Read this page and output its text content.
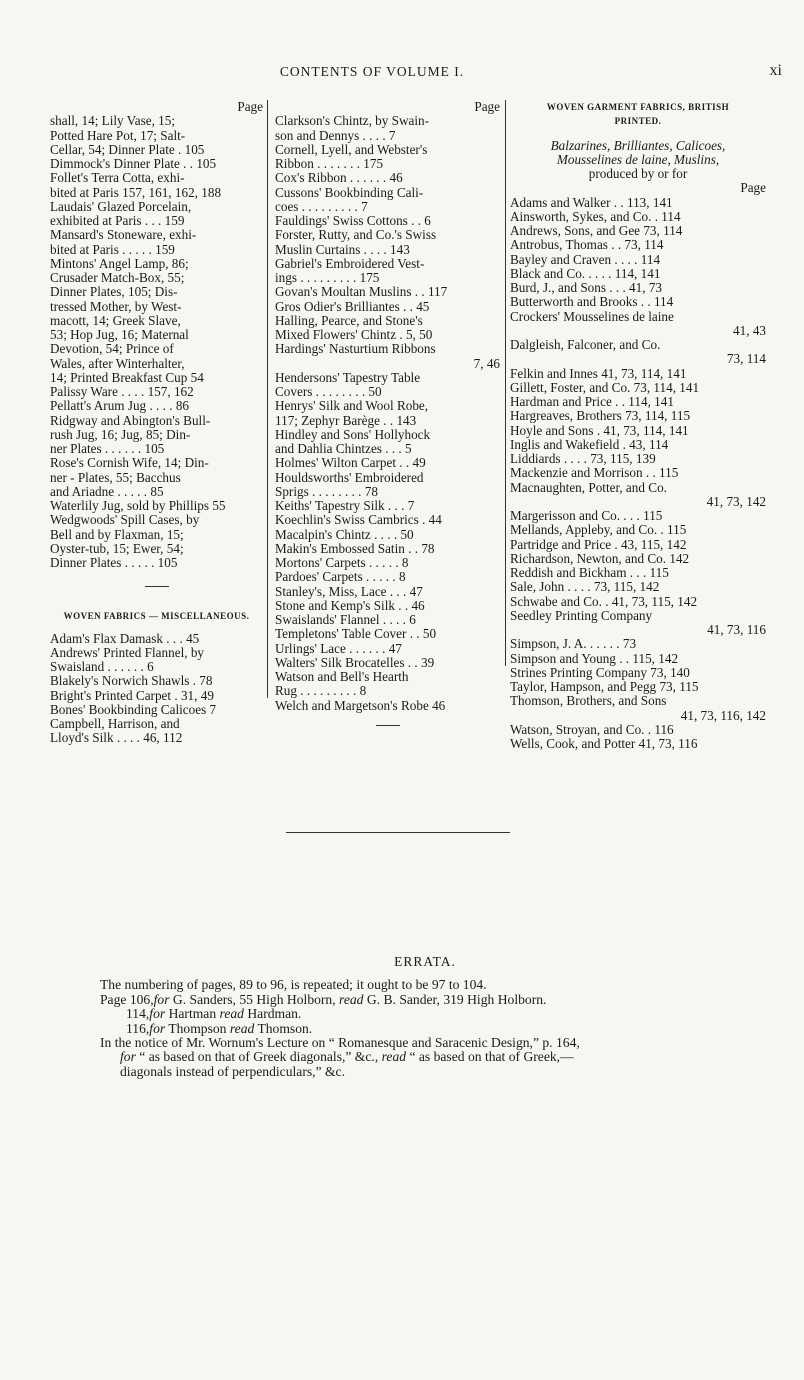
CONTENTS OF VOLUME I.	xi
Page
shall, 14; Lily Vase, 15;
Potted Hare Pot, 17; Salt-
Cellar, 54; Dinner Plate . 105
Dimmock's Dinner Plate . . 105
Follet's Terra Cotta, exhi-
bited at Paris 157, 161, 162, 188
Laudais' Glazed Porcelain,
exhibited at Paris . . . 159
Mansard's Stoneware, exhi-
bited at Paris . . . . . 159
Mintons' Angel Lamp, 86;
Crusader Match-Box, 55;
Dinner Plates, 105; Dis-
tressed Mother, by West-
macott, 14; Greek Slave,
53; Hop Jug, 16; Maternal
Devotion, 54; Prince of
Wales, after Winterhalter,
14; Printed Breakfast Cup 54
Palissy Ware . . . . 157, 162
Pellatt's Arum Jug . . . . 86
Ridgway and Abington's Bull-
rush Jug, 16; Jug, 85; Din-
ner Plates . . . . . . 105
Rose's Cornish Wife, 14; Din-
ner - Plates, 55; Bacchus
and Ariadne . . . . . 85
Waterlily Jug, sold by Phillips 55
Wedgwoods' Spill Cases, by
Bell and by Flaxman, 15;
Oyster-tub, 15; Ewer, 54;
Dinner Plates . . . . . 105
WOVEN FABRICS — MISCELLANEOUS.
Adam's Flax Damask . . . 45
Andrews' Printed Flannel, by
Swaisland . . . . . . 6
Blakely's Norwich Shawls . 78
Bright's Printed Carpet . 31, 49
Bones' Bookbinding Calicoes 7
Campbell, Harrison, and
Lloyd's Silk . . . . 46, 112
Page
Clarkson's Chintz, by Swain-
son and Dennys . . . . 7
Cornell, Lyell, and Webster's
Ribbon . . . . . . . 175
Cox's Ribbon . . . . . . 46
Cussons' Bookbinding Cali-
coes . . . . . . . . . 7
Fauldings' Swiss Cottons . . 6
Forster, Rutty, and Co.'s Swiss
Muslin Curtains . . . . 143
Gabriel's Embroidered Vest-
ings . . . . . . . . . 175
Govan's Moultan Muslins . . 117
Gros Odier's Brilliantes . . 45
Halling, Pearce, and Stone's
Mixed Flowers' Chintz . 5, 50
Hardings' Nasturtium Ribbons
7, 46
Hendersons' Tapestry Table
Covers . . . . . . . . 50
Henrys' Silk and Wool Robe,
117; Zephyr Barège . . 143
Hindley and Sons' Hollyhock
and Dahlia Chintzes . . . 5
Holmes' Wilton Carpet . . 49
Houldsworths' Embroidered
Sprigs . . . . . . . . 78
Keiths' Tapestry Silk . . . 7
Koechlin's Swiss Cambrics . 44
Macalpin's Chintz . . . . 50
Makin's Embossed Satin . . 78
Mortons' Carpets . . . . . 8
Pardoes' Carpets . . . . . 8
Stanley's, Miss, Lace . . . 47
Stone and Kemp's Silk . . 46
Swaislands' Flannel . . . . 6
Templetons' Table Cover . . 50
Urlings' Lace . . . . . . 47
Walters' Silk Brocatelles . . 39
Watson and Bell's Hearth
Rug . . . . . . . . . 8
Welch and Margetson's Robe 46
WOVEN GARMENT FABRICS, BRITISH
PRINTED.
Balzarines, Brilliantes, Calicoes,
Mousselines de laine, Muslins,
produced by or for
Page
Adams and Walker . . 113, 141
Ainsworth, Sykes, and Co. . 114
Andrews, Sons, and Gee 73, 114
Antrobus, Thomas . . 73, 114
Bayley and Craven . . . . 114
Black and Co. . . . . 114, 141
Burd, J., and Sons . . . 41, 73
Butterworth and Brooks . . 114
Crockers' Mousselines de laine
41, 43
Dalgleish, Falconer, and Co.
73, 114
Felkin and Innes 41, 73, 114, 141
Gillett, Foster, and Co. 73, 114, 141
Hardman and Price . . 114, 141
Hargreaves, Brothers 73, 114, 115
Hoyle and Sons . 41, 73, 114, 141
Inglis and Wakefield . 43, 114
Liddiards . . . . 73, 115, 139
Mackenzie and Morrison . . 115
Macnaughten, Potter, and Co.
41, 73, 142
Margerisson and Co. . . . 115
Mellands, Appleby, and Co. . 115
Partridge and Price . 43, 115, 142
Richardson, Newton, and Co. 142
Reddish and Bickham . . . 115
Sale, John . . . . 73, 115, 142
Schwabe and Co. . 41, 73, 115, 142
Seedley Printing Company
41, 73, 116
Simpson, J. A. . . . . . 73
Simpson and Young . . 115, 142
Strines Printing Company 73, 140
Taylor, Hampson, and Pegg 73, 115
Thomson, Brothers, and Sons
41, 73, 116, 142
Watson, Stroyan, and Co. . 116
Wells, Cook, and Potter 41, 73, 116
ERRATA.
The numbering of pages, 89 to 96, is repeated; it ought to be 97 to 104.
Page 106,for G. Sanders, 55 High Holborn, read G. B. Sander, 319 High Holborn.
114,for Hartman read Hardman.
116,for Thompson read Thomson.
In the notice of Mr. Wornum's Lecture on “ Romanesque and Saracenic Design,” p. 164,
for “ as based on that of Greek diagonals,” &c., read “ as based on that of Greek,—
diagonals instead of perpendiculars,” &c.
